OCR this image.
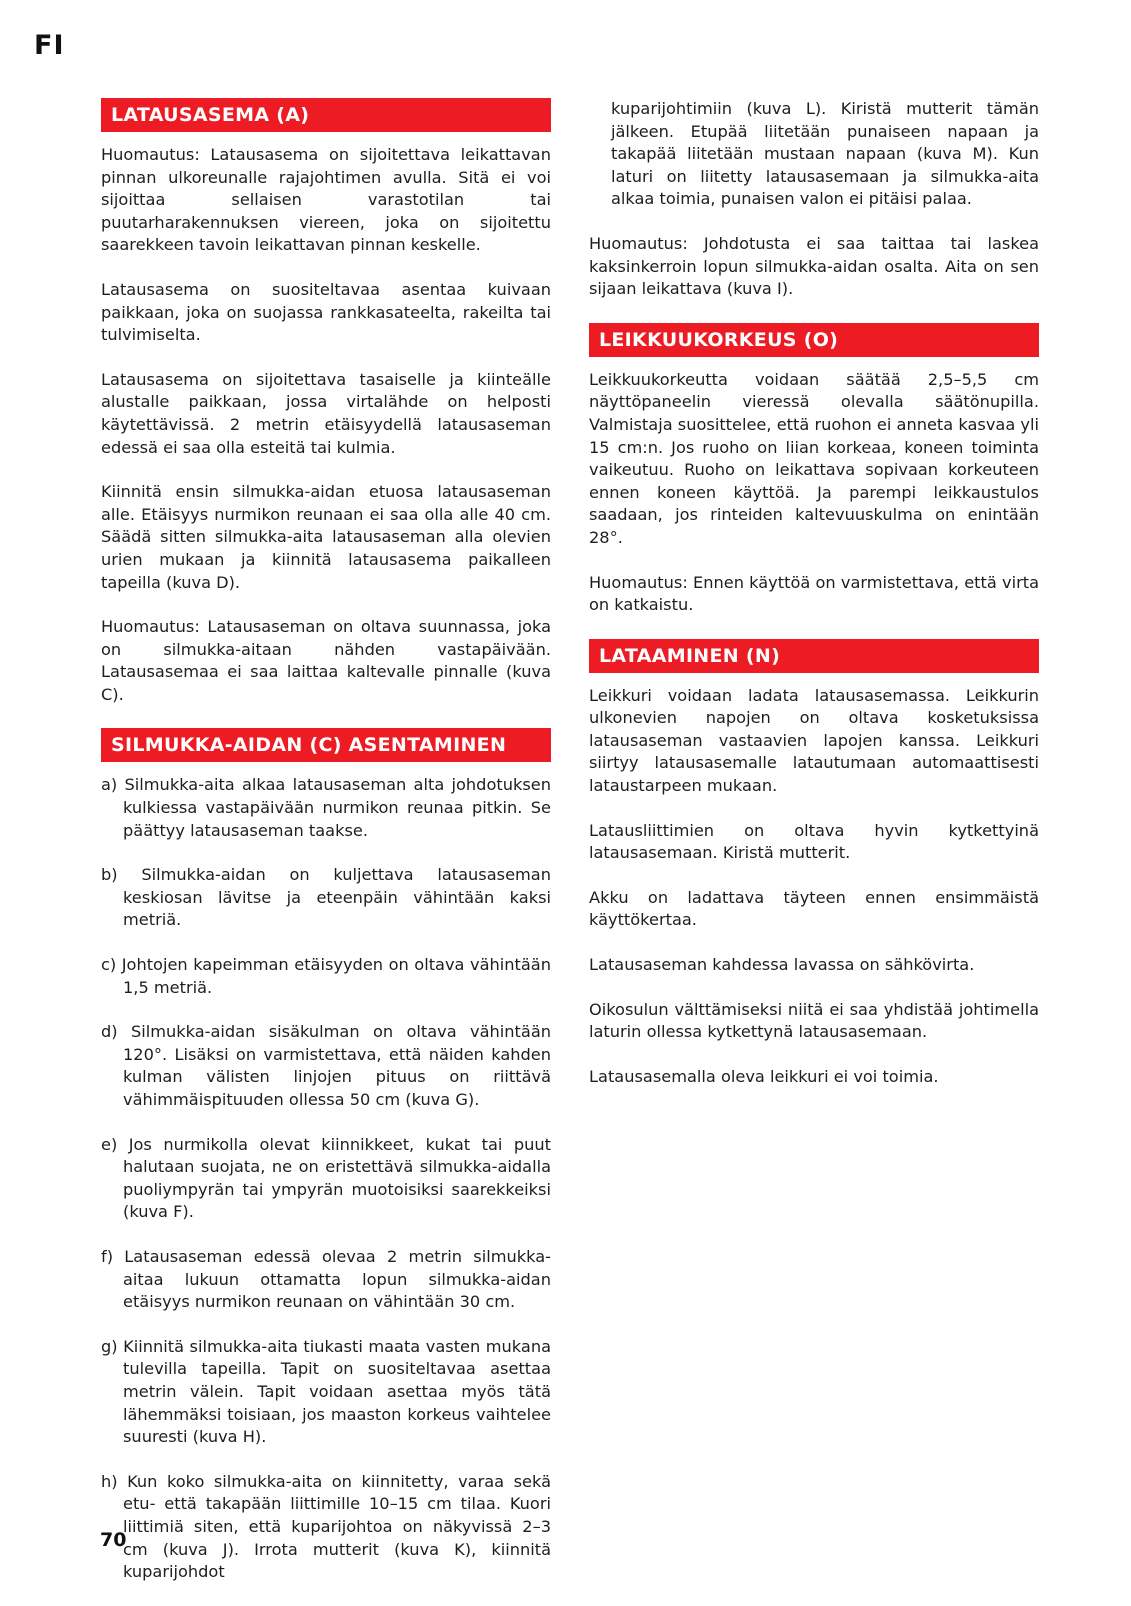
FI
LATAUSASEMA (A)

Huomautus: Latausasema on sijoitettava leikattavan pinnan ulkoreunalle rajajohtimen avulla. Sitä ei voi sijoittaa sellaisen varastotilan tai puutarharakennuksen viereen, joka on sijoitettu saarekkeen tavoin leikattavan pinnan keskelle.

Latausasema on suositeltavaa asentaa kuivaan paikkaan, joka on suojassa rankkasateelta, rakeilta tai tulvimiselta.

Latausasema on sijoitettava tasaiselle ja kiinteälle alustalle paikkaan, jossa virtalähde on helposti käytettävissä. 2 metrin etäisyydellä latausaseman edessä ei saa olla esteitä tai kulmia.

Kiinnitä ensin silmukka-aidan etuosa latausaseman alle. Etäisyys nurmikon reunaan ei saa olla alle 40 cm. Säädä sitten silmukka-aita latausaseman alla olevien urien mukaan ja kiinnitä latausasema paikalleen tapeilla (kuva D).

Huomautus: Latausaseman on oltava suunnassa, joka on silmukka-aitaan nähden vastapäivään. Latausasemaa ei saa laittaa kaltevalle pinnalle (kuva C).

SILMUKKA-AIDAN (C) ASENTAMINEN

a) Silmukka-aita alkaa latausaseman alta johdotuksen kulkiessa vastapäivään nurmikon reunaa pitkin. Se päättyy latausaseman taakse.

b) Silmukka-aidan on kuljettava latausaseman keskiosan lävitse ja eteenpäin vähintään kaksi metriä.

c) Johtojen kapeimman etäisyyden on oltava vähintään 1,5 metriä.

d) Silmukka-aidan sisäkulman on oltava vähintään 120°. Lisäksi on varmistettava, että näiden kahden kulman välisten linjojen pituus on riittävä vähimmäispituuden ollessa 50 cm (kuva G).

e) Jos nurmikolla olevat kiinnikkeet, kukat tai puut halutaan suojata, ne on eristettävä silmukka-aidalla puoliympyrän tai ympyrän muotoisiksi saarekkeiksi (kuva F).

f) Latausaseman edessä olevaa 2 metrin silmukka-aitaa lukuun ottamatta lopun silmukka-aidan etäisyys nurmikon reunaan on vähintään 30 cm.

g) Kiinnitä silmukka-aita tiukasti maata vasten mukana tulevilla tapeilla. Tapit on suositeltavaa asettaa metrin välein. Tapit voidaan asettaa myös tätä lähemmäksi toisiaan, jos maaston korkeus vaihtelee suuresti (kuva H).

h) Kun koko silmukka-aita on kiinnitetty, varaa sekä etu- että takapään liittimille 10–15 cm tilaa. Kuori liittimiä siten, että kuparijohtoa on näkyvissä 2–3 cm (kuva J). Irrota mutterit (kuva K), kiinnitä kuparijohdot

kuparijohtimiin (kuva L). Kiristä mutterit tämän jälkeen. Etupää liitetään punaiseen napaan ja takapää liitetään mustaan napaan (kuva M). Kun laturi on liitetty latausasemaan ja silmukka-aita alkaa toimia, punaisen valon ei pitäisi palaa.

Huomautus: Johdotusta ei saa taittaa tai laskea kaksinkerroin lopun silmukka-aidan osalta. Aita on sen sijaan leikattava (kuva I).

LEIKKUUKORKEUS (O)

Leikkuukorkeutta voidaan säätää 2,5–5,5 cm näyttöpaneelin vieressä olevalla säätönupilla. Valmistaja suosittelee, että ruohon ei anneta kasvaa yli 15 cm:n. Jos ruoho on liian korkeaa, koneen toiminta vaikeutuu. Ruoho on leikattava sopivaan korkeuteen ennen koneen käyttöä. Ja parempi leikkaustulos saadaan, jos rinteiden kaltevuuskulma on enintään 28°.

Huomautus: Ennen käyttöä on varmistettava, että virta on katkaistu.

LATAAMINEN (N)

Leikkuri voidaan ladata latausasemassa. Leikkurin ulkonevien napojen on oltava kosketuksissa latausaseman vastaavien lapojen kanssa. Leikkuri siirtyy latausasemalle latautumaan automaattisesti lataustarpeen mukaan.

Latausliittimien on oltava hyvin kytkettyinä latausasemaan. Kiristä mutterit.

Akku on ladattava täyteen ennen ensimmäistä käyttökertaa.

Latausaseman kahdessa lavassa on sähkövirta.

Oikosulun välttämiseksi niitä ei saa yhdistää johtimella laturin ollessa kytkettynä latausasemaan.

Latausasemalla oleva leikkuri ei voi toimia.

70
